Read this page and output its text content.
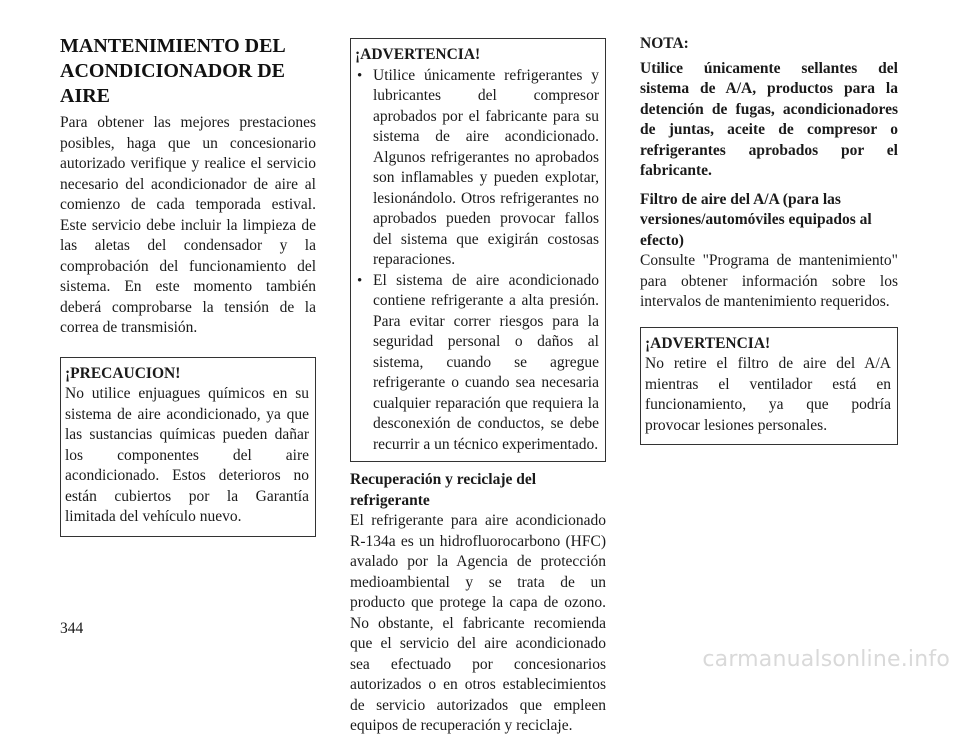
MANTENIMIENTO DEL ACONDICIONADOR DE AIRE

Para obtener las mejores prestaciones posibles, haga que un concesionario autorizado verifique y realice el servicio necesario del acondicionador de aire al comienzo de cada temporada estival. Este servicio debe incluir la limpieza de las aletas del condensador y la comprobación del funcionamiento del sistema. En este momento también deberá comprobarse la tensión de la correa de transmisión.

¡PRECAUCION!

No utilice enjuagues químicos en su sistema de aire acondicionado, ya que las sustancias químicas pueden dañar los componentes del aire acondicionado. Estos deterioros no están cubiertos por la Garantía limitada del vehículo nuevo.

¡ADVERTENCIA!
• Utilice únicamente refrigerantes y lubricantes del compresor aprobados por el fabricante para su sistema de aire acondicionado. Algunos refrigerantes no aprobados son inflamables y pueden explotar, lesionándolo. Otros refrigerantes no aprobados pueden provocar fallos del sistema que exigirán costosas reparaciones.
• El sistema de aire acondicionado contiene refrigerante a alta presión. Para evitar correr riesgos para la seguridad personal o daños al sistema, cuando se agregue refrigerante o cuando sea necesaria cualquier reparación que requiera la desconexión de conductos, se debe recurrir a un técnico experimentado.
Recuperación y reciclaje del refrigerante

El refrigerante para aire acondicionado R-134a es un hidrofluorocarbono (HFC) avalado por la Agencia de protección medioambiental y se trata de un producto que protege la capa de ozono. No obstante, el fabricante recomienda que el servicio del aire acondicionado sea efectuado por concesionarios autorizados o en otros establecimientos de servicio autorizados que empleen equipos de recuperación y reciclaje.

NOTA:
Utilice únicamente sellantes del sistema de A/A, productos para la detención de fugas, acondicionadores de juntas, aceite de compresor o refrigerantes aprobados por el fabricante.
Filtro de aire del A/A (para las versiones/automóviles equipados al efecto)

Consulte "Programa de mantenimiento" para obtener información sobre los intervalos de mantenimiento requeridos.

¡ADVERTENCIA!

No retire el filtro de aire del A/A mientras el ventilador está en funcionamiento, ya que podría provocar lesiones personales.

344
carmanualsonline.info
